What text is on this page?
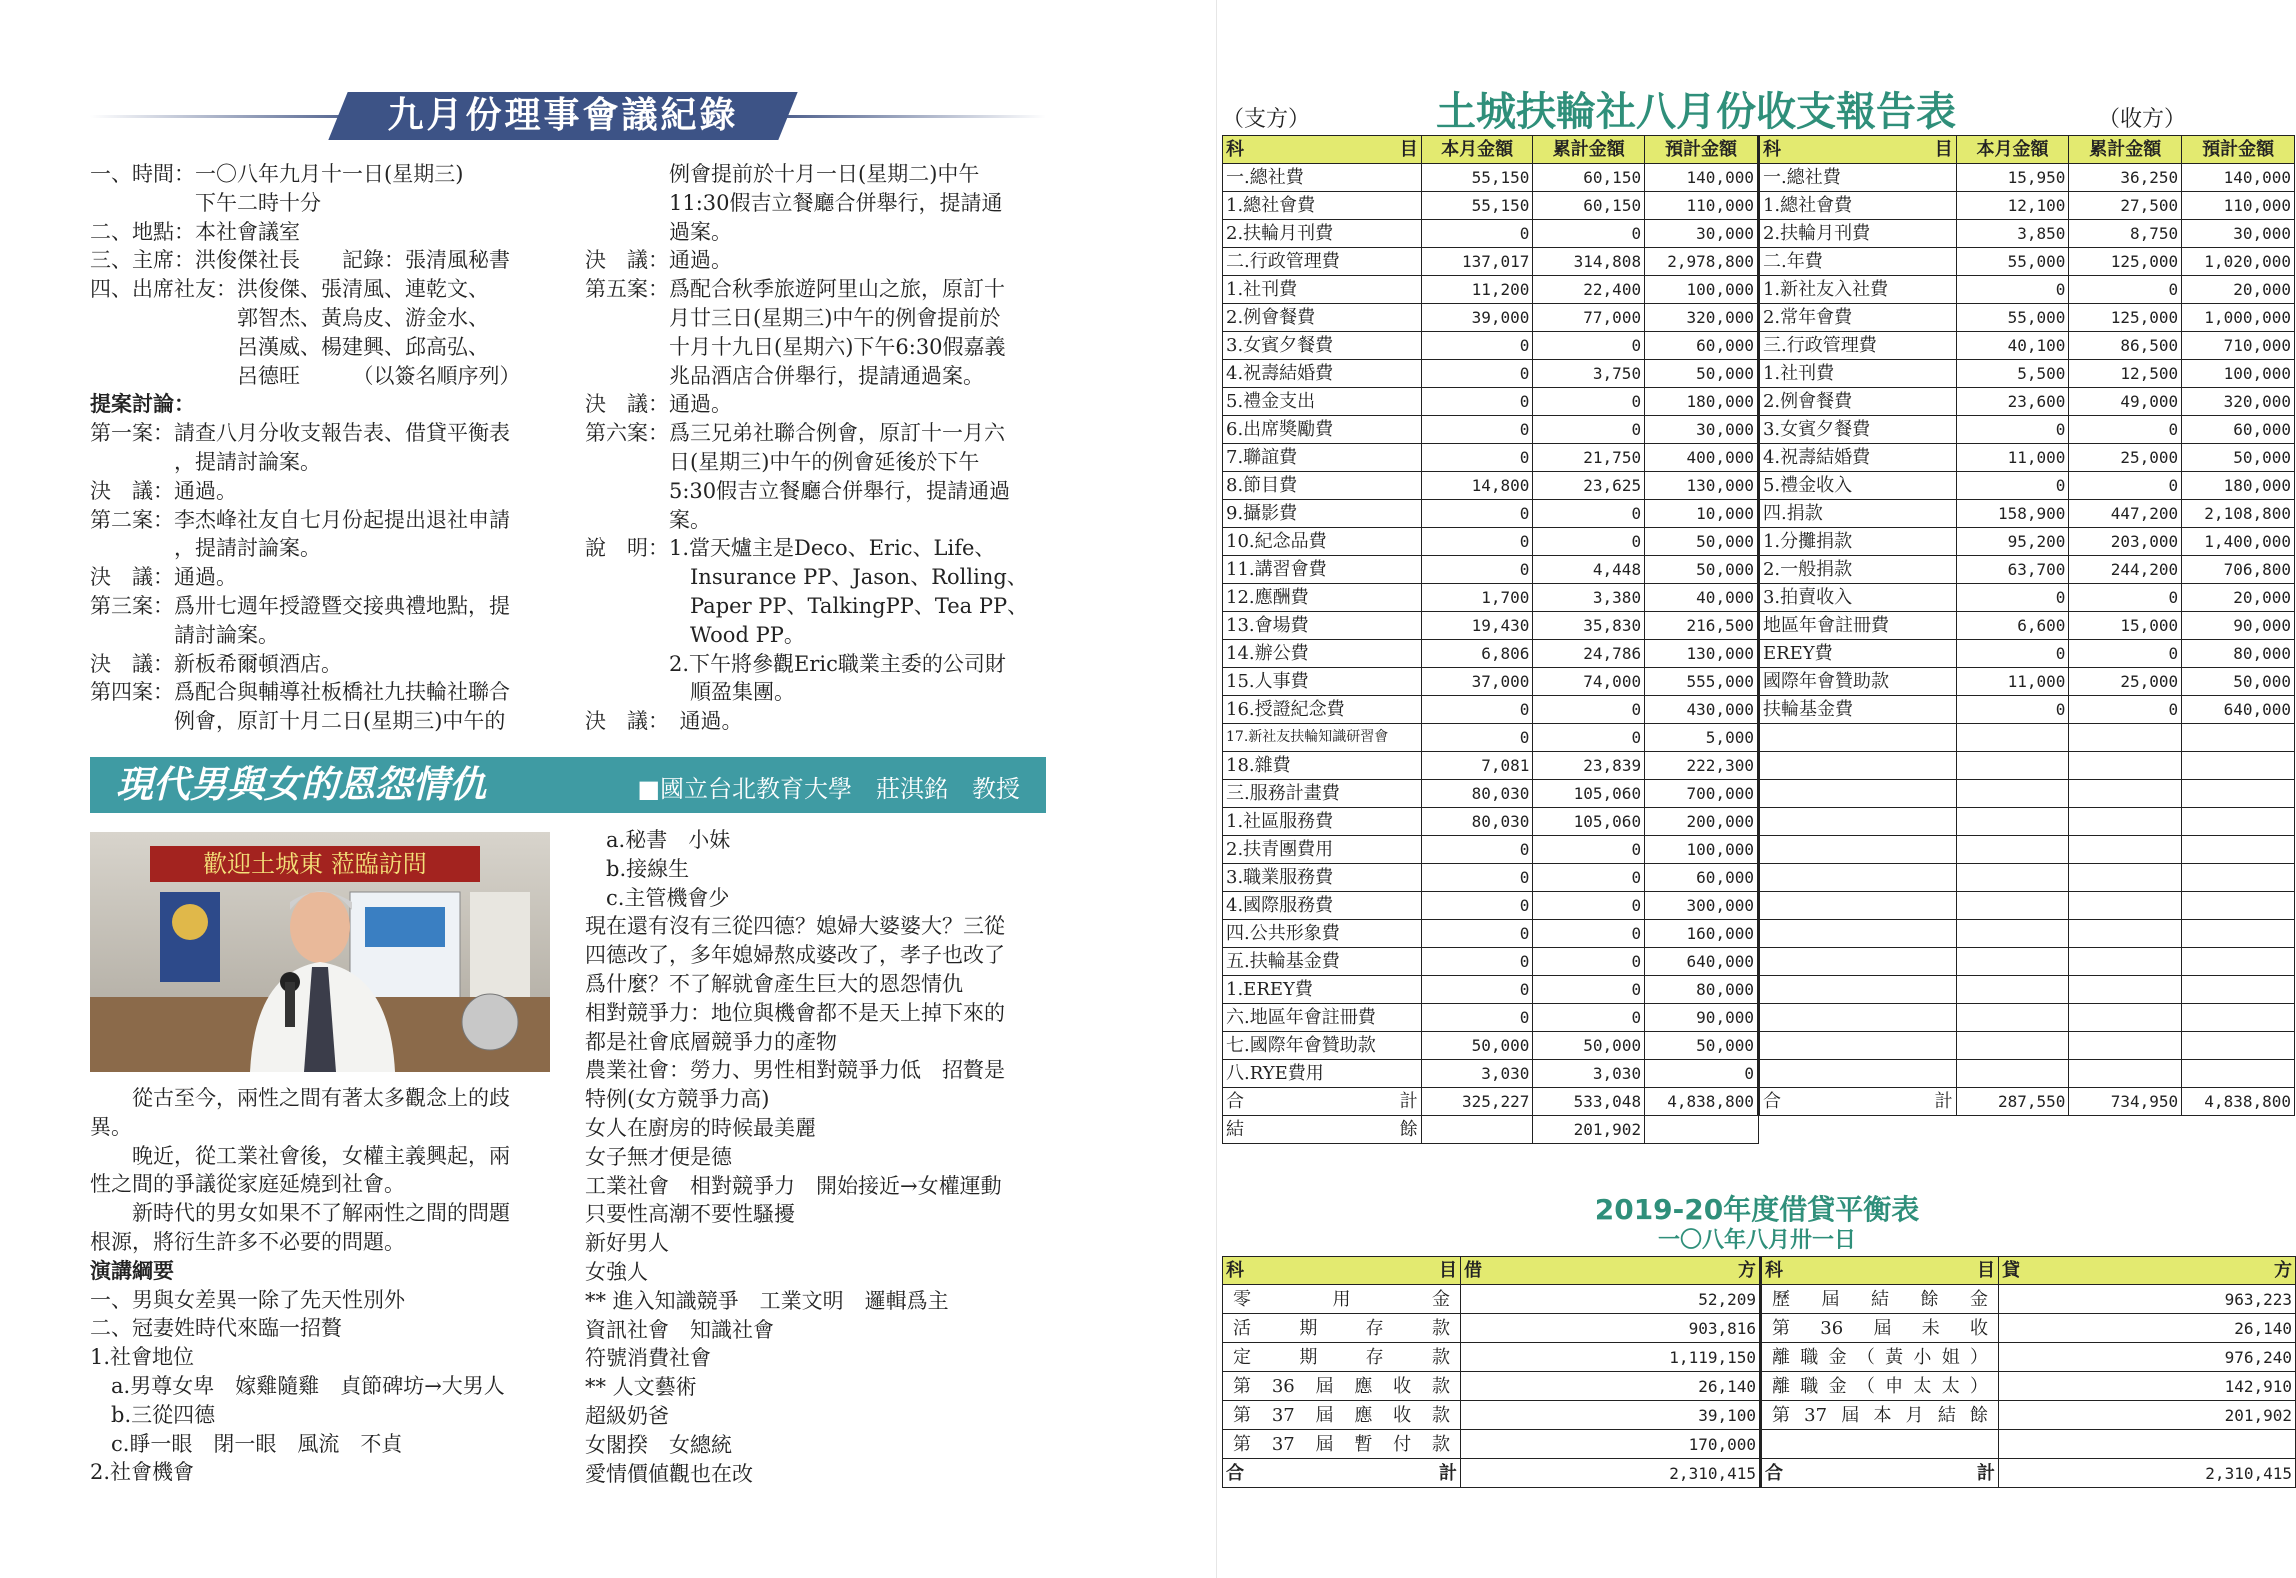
九月份理事會議紀錄
一、時間：一〇八年九月十一日(星期三)
　　　　　下午二時十分
二、地點：本社會議室
三、主席：洪俊傑社長　　記錄：張清風秘書
四、出席社友：洪俊傑、張清風、連乾文、
　　　　　　　郭智杰、黃烏皮、游金水、
　　　　　　　呂漢威、楊建興、邱高弘、
　　　　　　　呂德旺　　　（以簽名順序列）
提案討論：
第一案：請查八月分收支報告表、借貸平衡表
　　　　，提請討論案。
決　議：通過。
第二案：李杰峰社友自七月份起提出退社申請
　　　　，提請討論案。
決　議：通過。
第三案：爲卅七週年授證暨交接典禮地點，提
　　　　請討論案。
決　議：新板希爾頓酒店。
第四案：爲配合與輔導社板橋社九扶輪社聯合
　　　　例會，原訂十月二日(星期三)中午的
　　　　例會提前於十月一日(星期二)中午
　　　　11:30假吉立餐廳合併舉行，提請通
　　　　過案。
決　議：通過。
第五案：爲配合秋季旅遊阿里山之旅，原訂十
　　　　月廿三日(星期三)中午的例會提前於
　　　　十月十九日(星期六)下午6:30假嘉義
　　　　兆品酒店合併舉行，提請通過案。
決　議：通過。
第六案：爲三兄弟社聯合例會，原訂十一月六
　　　　日(星期三)中午的例會延後於下午
　　　　5:30假吉立餐廳合併舉行，提請通過
　　　　案。
說　明：1.當天爐主是Deco、Eric、Life、
　　　　　Insurance PP、Jason、Rolling、
　　　　　Paper PP、TalkingPP、Tea PP、
　　　　　Wood PP。
　　　　2.下午將參觀Eric職業主委的公司財
　　　　　順盈集團。
決　議：　通過。
現代男與女的恩怨情仇	■國立台北教育大學　莊淇銘　教授
歡迎土城東 蒞臨訪問
　　從古至今，兩性之間有著太多觀念上的歧
異。
　　晚近，從工業社會後，女權主義興起，兩
性之間的爭議從家庭延燒到社會。
　　新時代的男女如果不了解兩性之間的問題
根源，將衍生許多不必要的問題。
演講綱要
一、男與女差異一除了先天性別外
二、冠妻姓時代來臨一招贅
1.社會地位
　a.男尊女卑　嫁雞隨雞　貞節碑坊→大男人
　b.三從四德
　c.睜一眼　閉一眼　風流　不貞
2.社會機會
　a.秘書　小妹
　b.接線生
　c.主管機會少
現在還有沒有三從四德？媳婦大婆婆大？三從
四德改了，多年媳婦熬成婆改了，孝子也改了
爲什麼？不了解就會產生巨大的恩怨情仇
相對競爭力：地位與機會都不是天上掉下來的
都是社會底層競爭力的產物
農業社會：勞力、男性相對競爭力低　招贅是
特例(女方競爭力高)
女人在廚房的時候最美麗
女子無才便是德
工業社會　相對競爭力　開始接近→女權運動
只要性高潮不要性騷擾
新好男人
女強人
** 進入知識競爭　工業文明　邏輯爲主
資訊社會　知識社會
符號消費社會
** 人文藝術
超級奶爸
女閣揆　女總統
愛情價値觀也在改
土城扶輪社八月份收支報告表
（支方）	（收方）
科 目	本月金額	累計金額	預計金額	科 目	本月金額	累計金額	預計金額
一.總社費	55,150	60,150	140,000	一.總社費	15,950	36,250	140,000
1.總社會費	55,150	60,150	110,000	1.總社會費	12,100	27,500	110,000
2.扶輪月刊費	0	0	30,000	2.扶輪月刊費	3,850	8,750	30,000
二.行政管理費	137,017	314,808	2,978,800	二.年費	55,000	125,000	1,020,000
1.社刊費	11,200	22,400	100,000	1.新社友入社費	0	0	20,000
2.例會餐費	39,000	77,000	320,000	2.常年會費	55,000	125,000	1,000,000
3.女賓夕餐費	0	0	60,000	三.行政管理費	40,100	86,500	710,000
4.祝壽結婚費	0	3,750	50,000	1.社刊費	5,500	12,500	100,000
5.禮金支出	0	0	180,000	2.例會餐費	23,600	49,000	320,000
6.出席獎勵費	0	0	30,000	3.女賓夕餐費	0	0	60,000
7.聯誼費	0	21,750	400,000	4.祝壽結婚費	11,000	25,000	50,000
8.節目費	14,800	23,625	130,000	5.禮金收入	0	0	180,000
9.攝影費	0	0	10,000	四.捐款	158,900	447,200	2,108,800
10.紀念品費	0	0	50,000	1.分攤捐款	95,200	203,000	1,400,000
11.講習會費	0	4,448	50,000	2.一般捐款	63,700	244,200	706,800
12.應酬費	1,700	3,380	40,000	3.拍賣收入	0	0	20,000
13.會場費	19,430	35,830	216,500	地區年會註冊費	6,600	15,000	90,000
14.辦公費	6,806	24,786	130,000	EREY費	0	0	80,000
15.人事費	37,000	74,000	555,000	國際年會贊助款	11,000	25,000	50,000
16.授證紀念費	0	0	430,000	扶輪基金費	0	0	640,000
17.新社友扶輪知識研習會	0	0	5,000				
18.雜費	7,081	23,839	222,300				
三.服務計畫費	80,030	105,060	700,000				
1.社區服務費	80,030	105,060	200,000				
2.扶青團費用	0	0	100,000				
3.職業服務費	0	0	60,000				
4.國際服務費	0	0	300,000				
四.公共形象費	0	0	160,000				
五.扶輪基金費	0	0	640,000				
1.EREY費	0	0	80,000				
六.地區年會註冊費	0	0	90,000				
七.國際年會贊助款	50,000	50,000	50,000				
八.RYE費用	3,030	3,030	0				

合 計	325,227	533,048	4,838,800	合 計	287,550	734,950	4,838,800

結 餘		201,902					
2019-20年度借貸平衡表
一〇八年八月卅一日
科 目	借 方	科 目	貸 方

零用金	52,209	歷屆結餘金	963,223
活期存款	903,816	第36屆未收	26,140
定期存款	1,119,150	離職金（黃小姐）	976,240
第36屆應收款	26,140	離職金（申太太）	142,910
第37屆應收款	39,100	第37屆本月結餘	201,902
第37屆暫付款	170,000		

合 計	2,310,415	合 計	2,310,415
